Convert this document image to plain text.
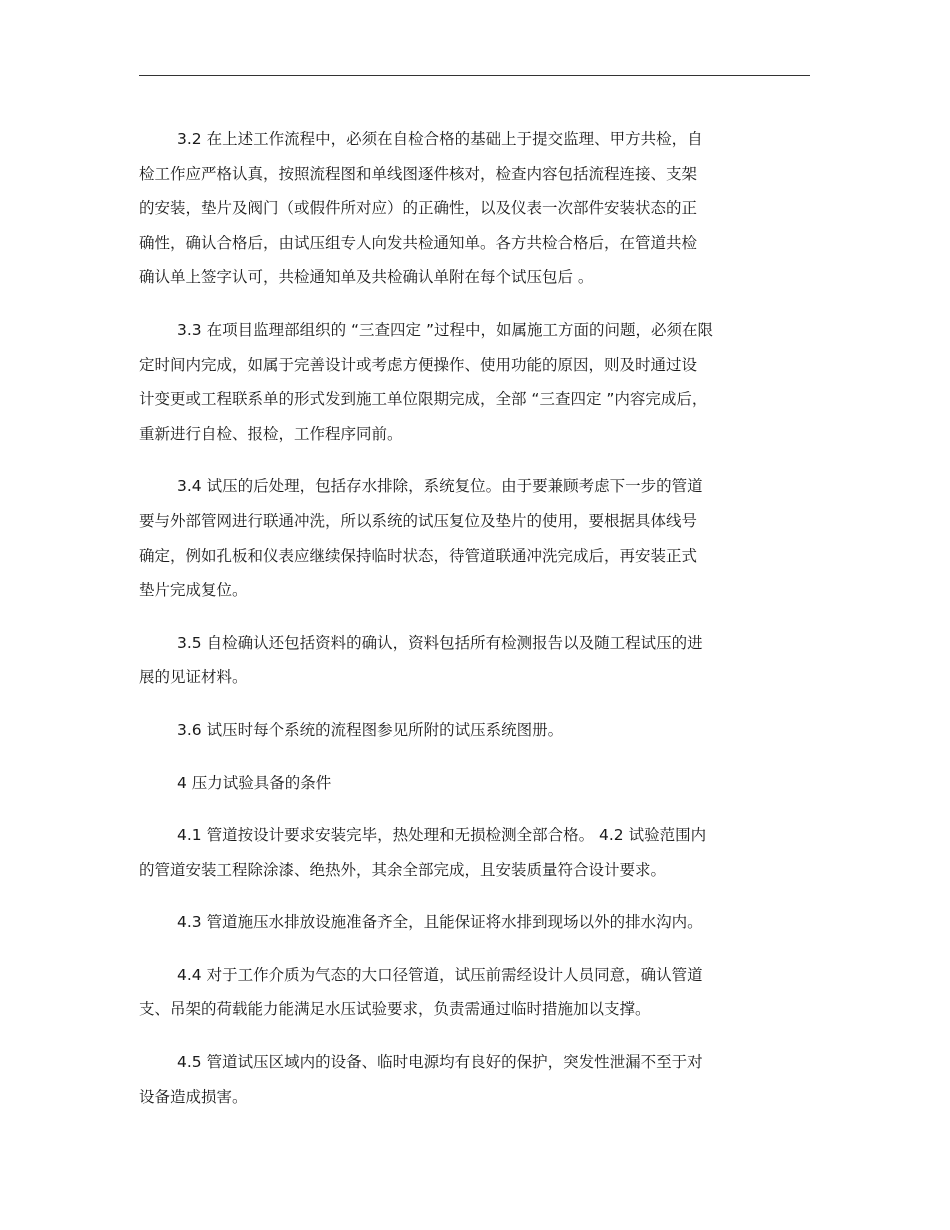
3.2 在上述工作流程中，必须在自检合格的基础上于提交监理、甲方共检，自
检工作应严格认真，按照流程图和单线图逐件核对，检查内容包括流程连接、支架
的安装，垫片及阀门（或假件所对应）的正确性，以及仪表一次部件安装状态的正
确性，确认合格后，由试压组专人向发共检通知单。各方共检合格后，在管道共检
确认单上签字认可，共检通知单及共检确认单附在每个试压包后 。
3.3 在项目监理部组织的 “三查四定 ”过程中，如属施工方面的问题，必须在限
定时间内完成，如属于完善设计或考虑方便操作、使用功能的原因，则及时通过设
计变更或工程联系单的形式发到施工单位限期完成，全部 “三查四定 ”内容完成后，
重新进行自检、报检，工作程序同前。
3.4 试压的后处理，包括存水排除，系统复位。由于要兼顾考虑下一步的管道
要与外部管网进行联通冲洗，所以系统的试压复位及垫片的使用，要根据具体线号
确定，例如孔板和仪表应继续保持临时状态，待管道联通冲洗完成后，再安装正式
垫片完成复位。
3.5 自检确认还包括资料的确认，资料包括所有检测报告以及随工程试压的进
展的见证材料。
3.6 试压时每个系统的流程图参见所附的试压系统图册。
4 压力试验具备的条件
4.1 管道按设计要求安装完毕，热处理和无损检测全部合格。 4.2 试验范围内
的管道安装工程除涂漆、绝热外，其余全部完成，且安装质量符合设计要求。
4.3 管道施压水排放设施准备齐全，且能保证将水排到现场以外的排水沟内。
4.4 对于工作介质为气态的大口径管道，试压前需经设计人员同意，确认管道
支、吊架的荷载能力能满足水压试验要求，负责需通过临时措施加以支撑。
4.5 管道试压区域内的设备、临时电源均有良好的保护，突发性泄漏不至于对
设备造成损害。
